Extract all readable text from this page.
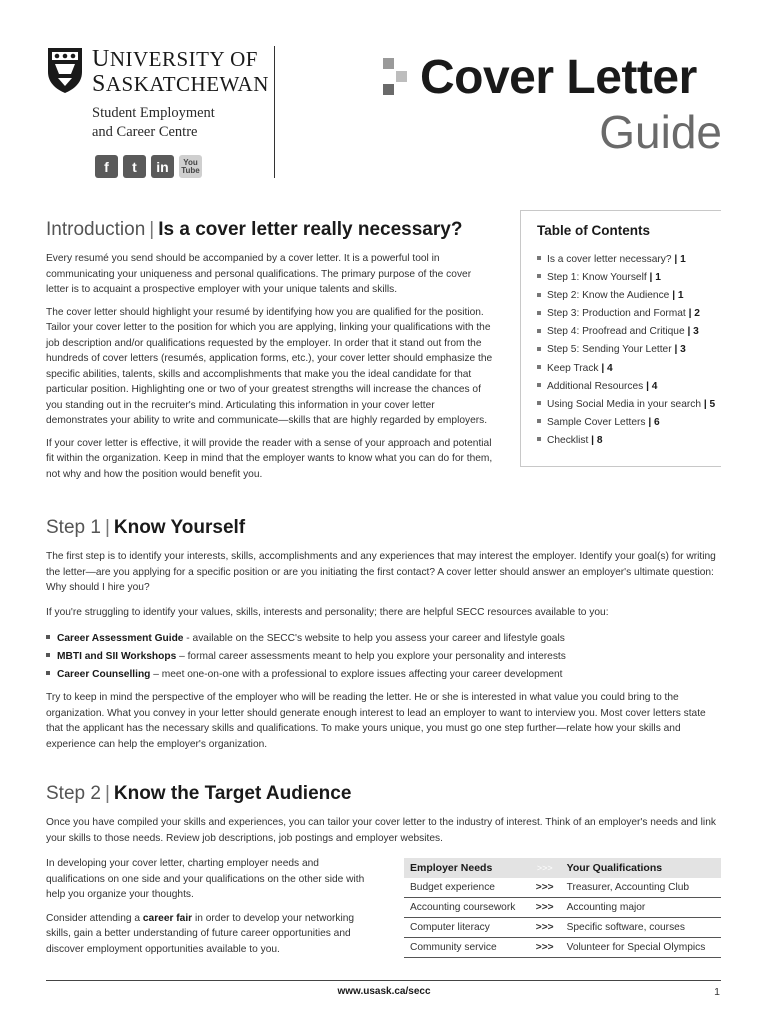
UNIVERSITY OF
SASKATCHEWAN
Student Employment
and Career Centre
f t in You
Tube
Cover Letter
Guide
Introduction | Is a cover letter really necessary?

Every resumé you send should be accompanied by a cover letter. It is a powerful tool in communicating your uniqueness and personal qualifications. The primary purpose of the cover letter is to acquaint a prospective employer with your unique talents and skills.

The cover letter should highlight your resumé by identifying how you are qualified for the position. Tailor your cover letter to the position for which you are applying, linking your qualifications with the job description and/or qualifications requested by the employer. In order that it stand out from the hundreds of cover letters (resumés, application forms, etc.), your cover letter should emphasize the specific abilities, talents, skills and accomplishments that make you the ideal candidate for that particular position. Highlighting one or two of your greatest strengths will increase the chances of you standing out in the recruiter's mind. Articulating this information in your cover letter demonstrates your ability to write and communicate—skills that are highly regarded by employers.

If your cover letter is effective, it will provide the reader with a sense of your approach and potential fit within the organization. Keep in mind that the employer wants to know what you can do for them, not why and how the position would benefit you.

Table of Contents
Is a cover letter necessary? | 1
Step 1: Know Yourself | 1
Step 2: Know the Audience | 1
Step 3: Production and Format | 2
Step 4: Proofread and Critique | 3
Step 5: Sending Your Letter | 3
Keep Track | 4
Additional Resources | 4
Using Social Media in your search | 5
Sample Cover Letters | 6
Checklist | 8
Step 1 | Know Yourself

The first step is to identify your interests, skills, accomplishments and any experiences that may interest the employer. Identify your goal(s) for writing the letter—are you applying for a specific position or are you initiating the first contact? A cover letter should answer an employer's ultimate question: Why should I hire you?

If you're struggling to identify your values, skills, interests and personality; there are helpful SECC resources available to you:

Career Assessment Guide - available on the SECC's website to help you assess your career and lifestyle goals
MBTI and SII Workshops – formal career assessments meant to help you explore your personality and interests
Career Counselling – meet one-on-one with a professional to explore issues affecting your career development

Try to keep in mind the perspective of the employer who will be reading the letter. He or she is interested in what value you could bring to the organization. What you convey in your letter should generate enough interest to lead an employer to want to interview you. Most cover letters state that the applicant has the necessary skills and qualifications. To make yours unique, you must go one step further—relate how your skills and experience can help the employer's organization.

Step 2 | Know the Target Audience

Once you have compiled your skills and experiences, you can tailor your cover letter to the industry of interest. Think of an employer's needs and link your skills to those needs. Review job descriptions, job postings and employer websites.

In developing your cover letter, charting employer needs and qualifications on one side and your qualifications on the other side with help you organize your thoughts.

Consider attending a career fair in order to develop your networking skills, gain a better understanding of future career opportunities and discover employment opportunities available to you.

Employer Needs	>>>	Your Qualifications
Budget experience	>>>	Treasurer, Accounting Club
Accounting coursework	>>>	Accounting major
Computer literacy	>>>	Specific software, courses
Community service	>>>	Volunteer for Special Olympics
www.usask.ca/secc	1
